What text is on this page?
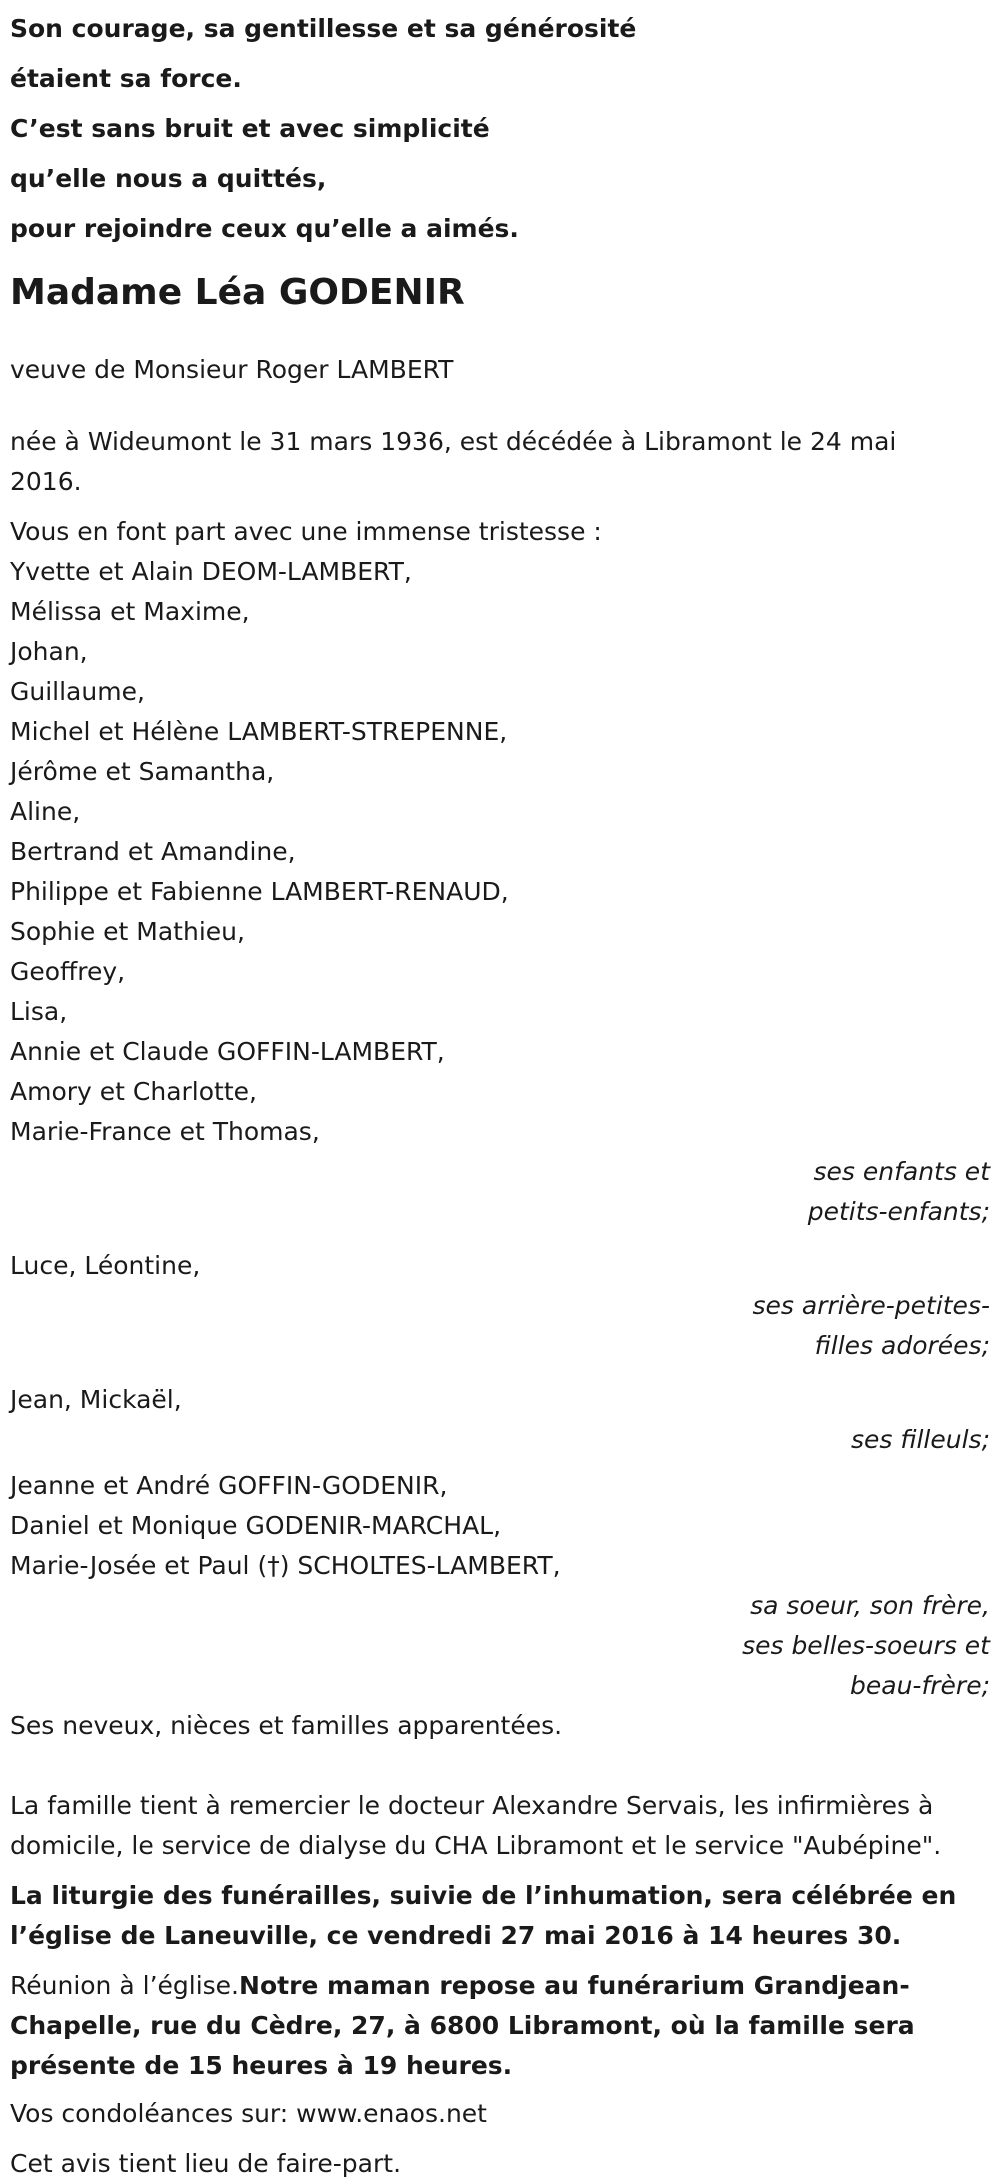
Son courage, sa gentillesse et sa générosité
étaient sa force.
C’est sans bruit et avec simplicité
qu’elle nous a quittés,
pour rejoindre ceux qu’elle a aimés.
Madame Léa GODENIR
veuve de Monsieur Roger LAMBERT
née à Wideumont le 31 mars 1936, est décédée à Libramont le 24 mai 2016.
Vous en font part avec une immense tristesse :
Yvette et Alain DEOM-LAMBERT,
Mélissa et Maxime,
Johan,
Guillaume,
Michel et Hélène LAMBERT-STREPENNE,
Jérôme et Samantha,
Aline,
Bertrand et Amandine,
Philippe et Fabienne LAMBERT-RENAUD,
Sophie et Mathieu,
Geoffrey,
Lisa,
Annie et Claude GOFFIN-LAMBERT,
Amory et Charlotte,
Marie-France et Thomas,
ses enfants et
petits-enfants;
Luce, Léontine,
ses arrière-petites-
filles adorées;
Jean, Mickaël,
ses filleuls;
Jeanne et André GOFFIN-GODENIR,
Daniel et Monique GODENIR-MARCHAL,
Marie-Josée et Paul (†) SCHOLTES-LAMBERT,
sa soeur, son frère,
ses belles-soeurs et
beau-frère;
Ses neveux, nièces et familles apparentées.
La famille tient à remercier le docteur Alexandre Servais, les infirmières à domicile, le service de dialyse du CHA Libramont et le service "Aubépine".
La liturgie des funérailles, suivie de l’inhumation, sera célébrée en l’église de Laneuville, ce vendredi 27 mai 2016 à 14 heures 30.
Réunion à l’église.Notre maman repose au funérarium Grandjean-Chapelle, rue du Cèdre, 27, à 6800 Libramont, où la famille sera présente de 15 heures à 19 heures.
Vos condoléances sur: www.enaos.net
Cet avis tient lieu de faire-part.
